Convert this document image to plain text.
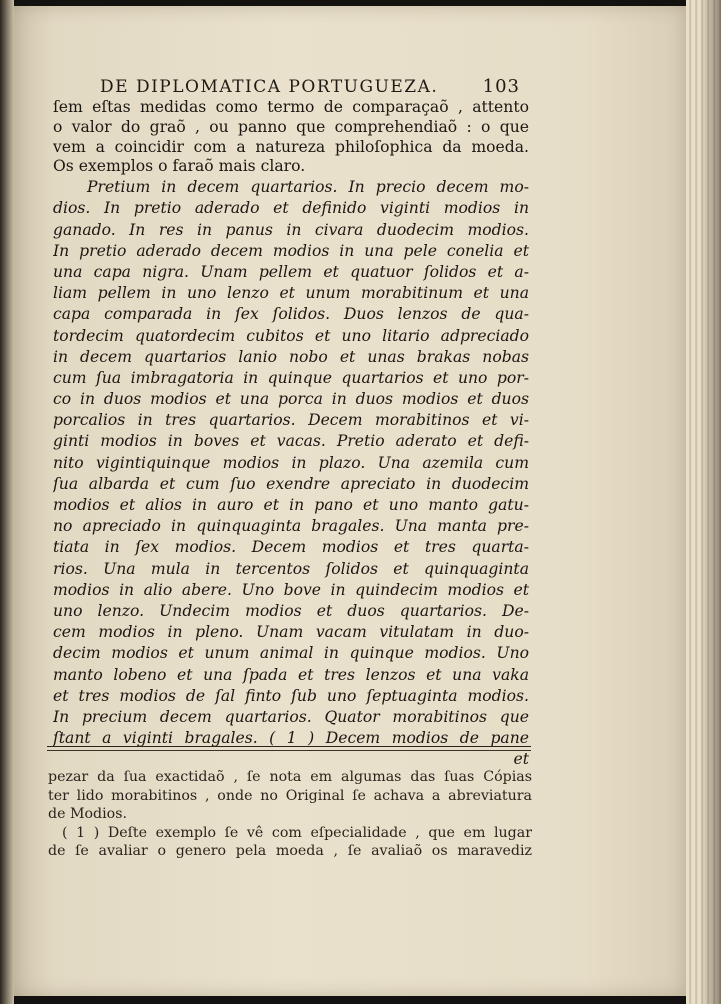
DE DIPLOMATICA PORTUGUEZA. 103
ſem eſtas medidas como termo de comparaçaõ , attento
o valor do graõ , ou panno que comprehendiaõ : o que
vem a coincidir com a natureza philoſophica da moeda.
Os exemplos o faraõ mais claro.
Pretium in decem quartarios. In precio decem mo-
dios. In pretio aderado et definido viginti modios in
ganado. In res in panus in civara duodecim modios.
In pretio aderado decem modios in una pele conelia et
una capa nigra. Unam pellem et quatuor ſolidos et a-
liam pellem in uno lenzo et unum morabitinum et una
capa comparada in ſex ſolidos. Duos lenzos de qua-
tordecim quatordecim cubitos et uno litario adpreciado
in decem quartarios lanio nobo et unas brakas nobas
cum ſua imbragatoria in quinque quartarios et uno por-
co in duos modios et una porca in duos modios et duos
porcalios in tres quartarios. Decem morabitinos et vi-
ginti modios in boves et vacas. Pretio aderato et defi-
nito vigintiquinque modios in plazo. Una azemila cum
ſua albarda et cum ſuo exendre apreciato in duodecim
modios et alios in auro et in pano et uno manto gatu-
no apreciado in quinquaginta bragales. Una manta pre-
tiata in ſex modios. Decem modios et tres quarta-
rios. Una mula in tercentos ſolidos et quinquaginta
modios in alio abere. Uno bove in quindecim modios et
uno lenzo. Undecim modios et duos quartarios. De-
cem modios in pleno. Unam vacam vitulatam in duo-
decim modios et unum animal in quinque modios. Uno
manto lobeno et una ſpada et tres lenzos et una vaka
et tres modios de ſal finto ſub uno ſeptuaginta modios.
In precium decem quartarios. Quator morabitinos que
ſtant a viginti bragales. ( 1 ) Decem modios de pane
et
pezar da ſua exactidaõ , ſe nota em algumas das ſuas Cópias
ter lido morabitinos , onde no Original ſe achava a abreviatura
de Modios.
( 1 ) Deſte exemplo ſe vê com eſpecialidade , que em lugar
de ſe avaliar o genero pela moeda , ſe avaliaõ os maravediz
